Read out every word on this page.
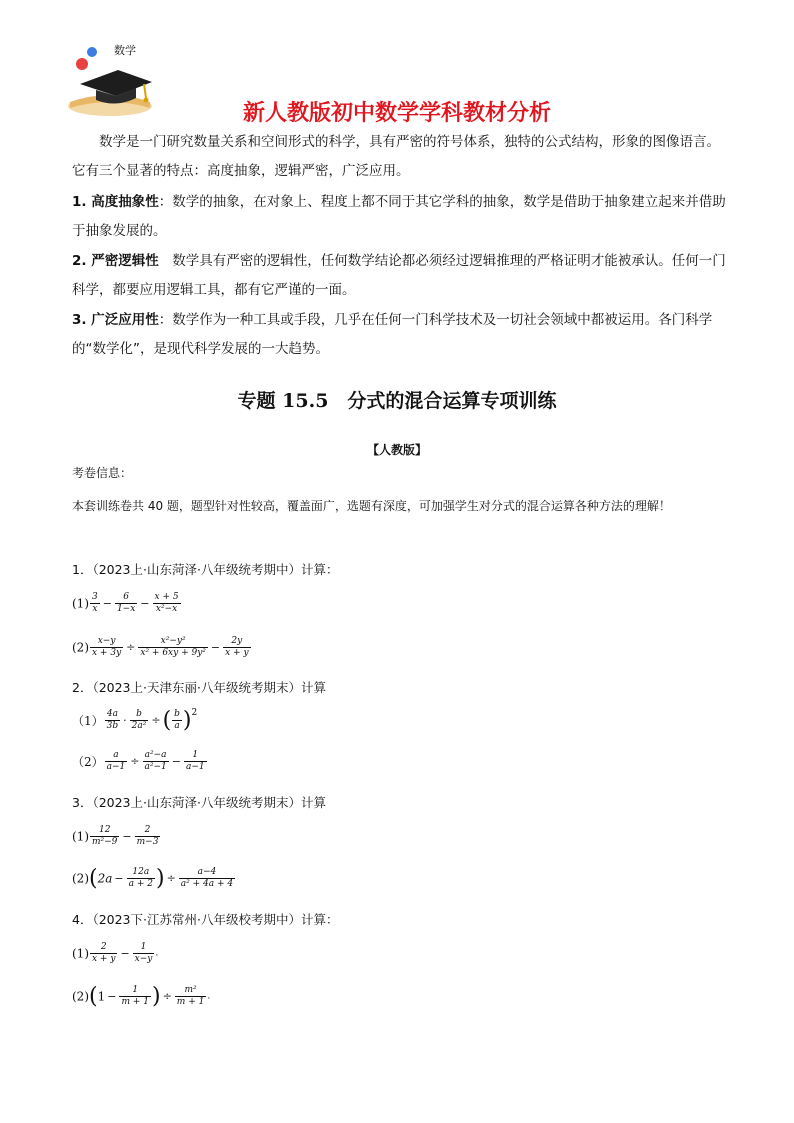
数学
新人教版初中数学学科教材分析
数学是一门研究数量关系和空间形式的科学，具有严密的符号体系，独特的公式结构，形象的图像语言。它有三个显著的特点：高度抽象，逻辑严密，广泛应用。
1. 高度抽象性：数学的抽象，在对象上、程度上都不同于其它学科的抽象，数学是借助于抽象建立起来并借助于抽象发展的。
2. 严密逻辑性　数学具有严密的逻辑性，任何数学结论都必须经过逻辑推理的严格证明才能被承认。任何一门科学，都要应用逻辑工具，都有它严谨的一面。
3. 广泛应用性：数学作为一种工具或手段，几乎在任何一门科学技术及一切社会领域中都被运用。各门科学的“数学化”，是现代科学发展的一大趋势。
专题 15.5　分式的混合运算专项训练
【人教版】
考卷信息：
本套训练卷共 40 题，题型针对性较高，覆盖面广，选题有深度，可加强学生对分式的混合运算各种方法的理解！
1．（2023上·山东菏泽·八年级统考期中）计算：
$(1) \frac{3}{x} - \frac{6}{1-x} - \frac{x + 5}{\text{x²−x}}$
$(2) \frac{x-y}{x + 3y} \div \frac{\text{x²−y²}}{\text{x² + 6xy + 9y²}} - \frac{2y}{x + y}$
2．（2023上·天津东丽·八年级统考期末）计算
$(1) \frac{4a}{3b} \cdot \frac{b}{\text{2a²}}$ ÷( $\frac{b}{a} )^2$
$(2) \frac{a}{a-1} \div \frac{\text{a²−a}}{\text{a²−1}} - \frac{1}{a-1}$
3．（2023上·山东菏泽·八年级统考期末）计算
$(1) \frac{12}{\text{m²−9}} - \frac{2}{m-3}$
$(2)(2a - \frac{12a}{a + 2}$ ) ÷ $\frac{a-4}{\text{a² + 4a + 4}}$
4．（2023下·江苏常州·八年级校考期中）计算：
$(1) \frac{2}{x + y} - \frac{1}{x-y}$ .
$(2)(1 - \frac{1}{m + 1}$ ) ÷ $\frac{\text{m²}}{m + 1}$ .
